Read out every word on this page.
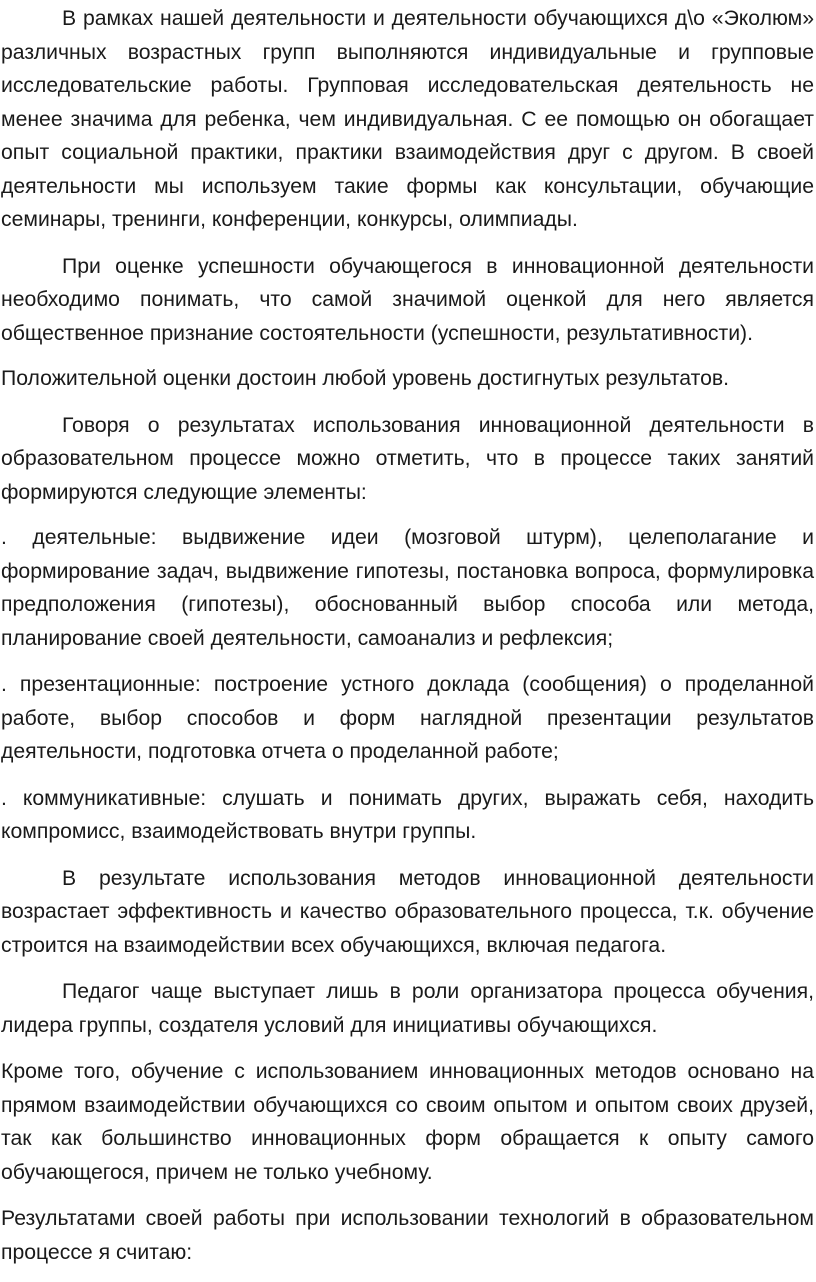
В рамках нашей деятельности и деятельности обучающихся д\о «Эколюм» различных возрастных групп выполняются индивидуальные и групповые исследовательские работы. Групповая исследовательская деятельность не менее значима для ребенка, чем индивидуальная. С ее помощью он обогащает опыт социальной практики, практики взаимодействия друг с другом. В своей деятельности мы используем такие формы как консультации, обучающие семинары, тренинги, конференции, конкурсы, олимпиады.

При оценке успешности обучающегося в инновационной деятельности необходимо понимать, что самой значимой оценкой для него является общественное признание состоятельности (успешности, результативности).

Положительной оценки достоин любой уровень достигнутых результатов.

Говоря о результатах использования инновационной деятельности в образовательном процессе можно отметить, что в процессе таких занятий формируются следующие элементы:

. деятельные: выдвижение идеи (мозговой штурм), целеполагание и формирование задач, выдвижение гипотезы, постановка вопроса, формулировка предположения (гипотезы), обоснованный выбор способа или метода, планирование своей деятельности, самоанализ и рефлексия;

. презентационные: построение устного доклада (сообщения) о проделанной работе, выбор способов и форм наглядной презентации результатов деятельности, подготовка отчета о проделанной работе;

. коммуникативные: слушать и понимать других, выражать себя, находить компромисс, взаимодействовать внутри группы.

В результате использования методов инновационной деятельности возрастает эффективность и качество образовательного процесса, т.к. обучение строится на взаимодействии всех обучающихся, включая педагога.

Педагог чаще выступает лишь в роли организатора процесса обучения, лидера группы, создателя условий для инициативы обучающихся.

Кроме того, обучение с использованием инновационных методов основано на прямом взаимодействии обучающихся со своим опытом и опытом своих друзей, так как большинство инновационных форм обращается к опыту самого обучающегося, причем не только учебному.

Результатами своей работы при использовании технологий в образовательном процессе я считаю:
